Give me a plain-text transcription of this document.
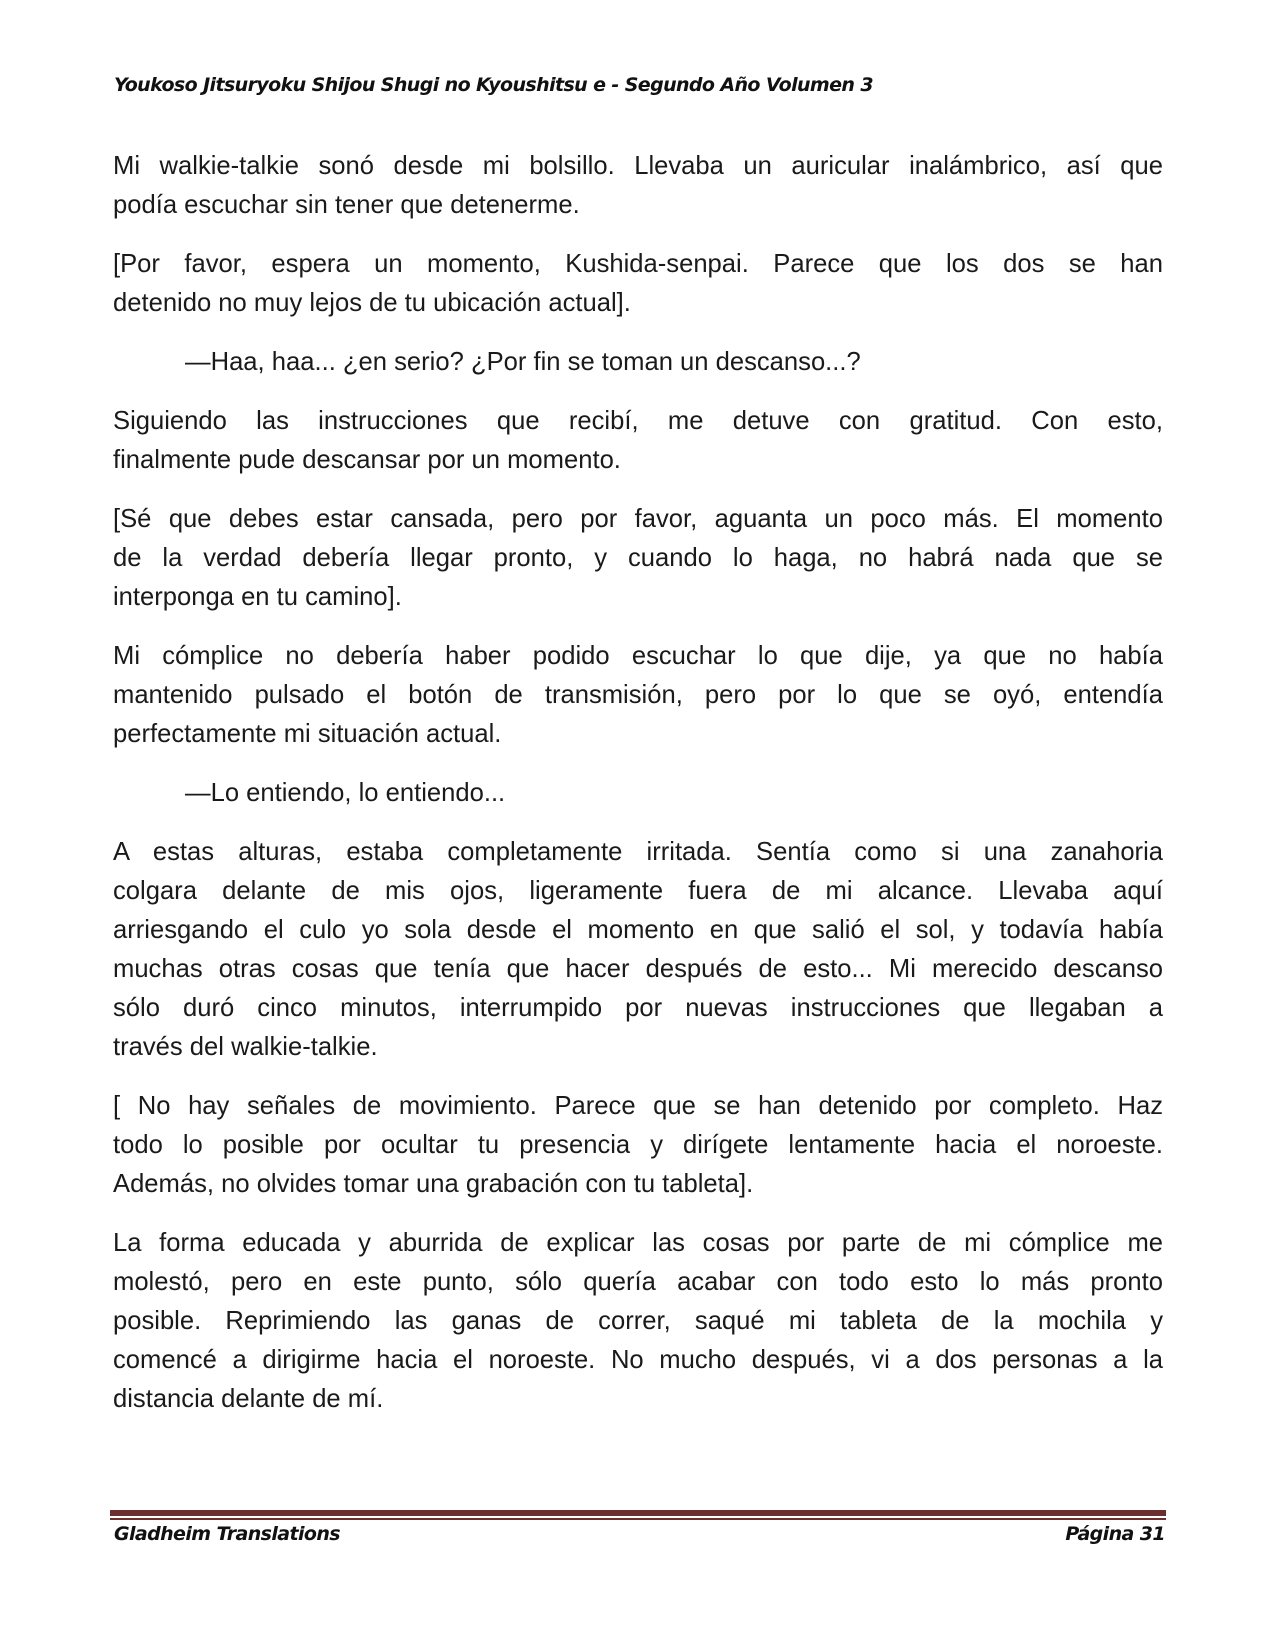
Youkoso Jitsuryoku Shijou Shugi no Kyoushitsu e - Segundo Año Volumen 3
Mi walkie-talkie sonó desde mi bolsillo. Llevaba un auricular inalámbrico, así que
podía escuchar sin tener que detenerme.
[Por favor, espera un momento, Kushida-senpai. Parece que los dos se han
detenido no muy lejos de tu ubicación actual].
—Haa, haa... ¿en serio? ¿Por fin se toman un descanso...?
Siguiendo las instrucciones que recibí, me detuve con gratitud. Con esto,
finalmente pude descansar por un momento.
[Sé que debes estar cansada, pero por favor, aguanta un poco más. El momento
de la verdad debería llegar pronto, y cuando lo haga, no habrá nada que se
interponga en tu camino].
Mi cómplice no debería haber podido escuchar lo que dije, ya que no había
mantenido pulsado el botón de transmisión, pero por lo que se oyó, entendía
perfectamente mi situación actual.
—Lo entiendo, lo entiendo...
A estas alturas, estaba completamente irritada. Sentía como si una zanahoria
colgara delante de mis ojos, ligeramente fuera de mi alcance. Llevaba aquí
arriesgando el culo yo sola desde el momento en que salió el sol, y todavía había
muchas otras cosas que tenía que hacer después de esto... Mi merecido descanso
sólo duró cinco minutos, interrumpido por nuevas instrucciones que llegaban a
través del walkie-talkie.
[ No hay señales de movimiento. Parece que se han detenido por completo. Haz
todo lo posible por ocultar tu presencia y dirígete lentamente hacia el noroeste.
Además, no olvides tomar una grabación con tu tableta].
La forma educada y aburrida de explicar las cosas por parte de mi cómplice me
molestó, pero en este punto, sólo quería acabar con todo esto lo más pronto
posible. Reprimiendo las ganas de correr, saqué mi tableta de la mochila y
comencé a dirigirme hacia el noroeste. No mucho después, vi a dos personas a la
distancia delante de mí.
Gladheim Translations	Página 31
